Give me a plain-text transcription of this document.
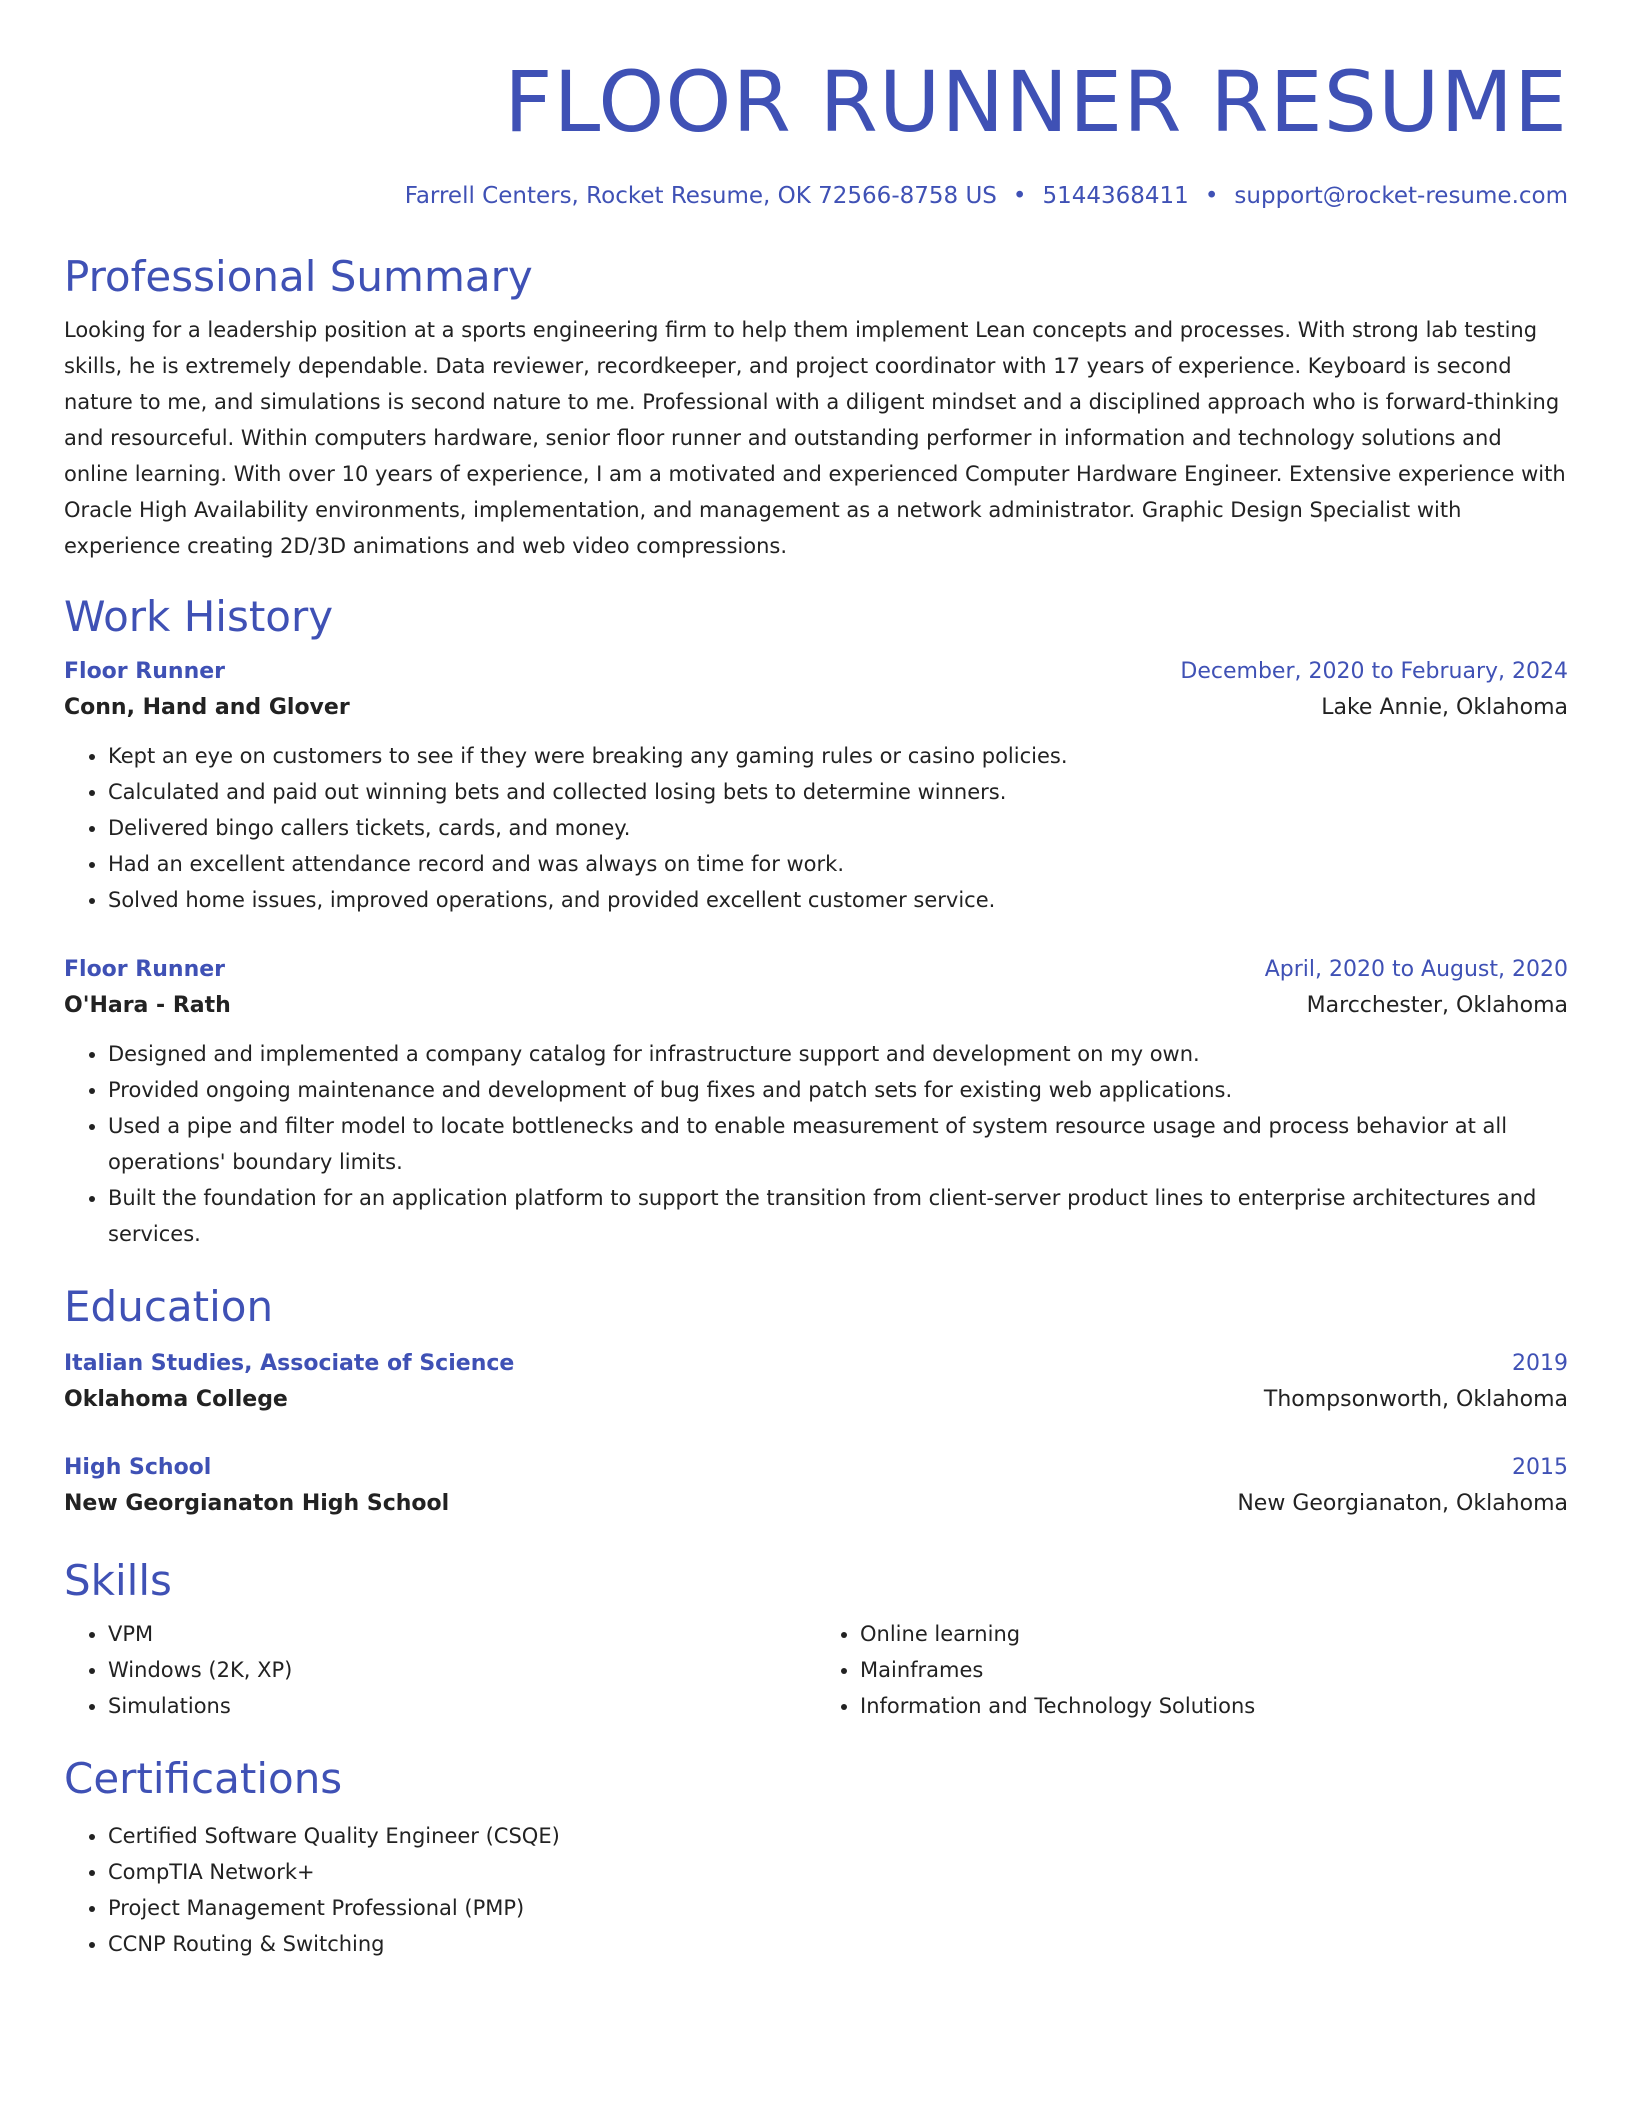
FLOOR RUNNER RESUME
Farrell Centers, Rocket Resume, OK 72566-8758 US • 5144368411 • support@rocket-resume.com
Professional Summary
Looking for a leadership position at a sports engineering firm to help them implement Lean concepts and processes. With strong lab testing skills, he is extremely dependable. Data reviewer, recordkeeper, and project coordinator with 17 years of experience. Keyboard is second nature to me, and simulations is second nature to me. Professional with a diligent mindset and a disciplined approach who is forward-thinking and resourceful. Within computers hardware, senior floor runner and outstanding performer in information and technology solutions and online learning. With over 10 years of experience, I am a motivated and experienced Computer Hardware Engineer. Extensive experience with Oracle High Availability environments, implementation, and management as a network administrator. Graphic Design Specialist with experience creating 2D/3D animations and web video compressions.
Work History
Floor Runner	December, 2020 to February, 2024
Conn, Hand and Glover	Lake Annie, Oklahoma
• Kept an eye on customers to see if they were breaking any gaming rules or casino policies.
• Calculated and paid out winning bets and collected losing bets to determine winners.
• Delivered bingo callers tickets, cards, and money.
• Had an excellent attendance record and was always on time for work.
• Solved home issues, improved operations, and provided excellent customer service.
Floor Runner	April, 2020 to August, 2020
O'Hara - Rath	Marcchester, Oklahoma
• Designed and implemented a company catalog for infrastructure support and development on my own.
• Provided ongoing maintenance and development of bug fixes and patch sets for existing web applications.
• Used a pipe and filter model to locate bottlenecks and to enable measurement of system resource usage and process behavior at all operations' boundary limits.
• Built the foundation for an application platform to support the transition from client-server product lines to enterprise architectures and services.
Education
Italian Studies, Associate of Science	2019
Oklahoma College	Thompsonworth, Oklahoma
High School	2015
New Georgianaton High School	New Georgianaton, Oklahoma
Skills
• VPM
• Windows (2K, XP)
• Simulations
• Online learning
• Mainframes
• Information and Technology Solutions
Certifications
• Certified Software Quality Engineer (CSQE)
• CompTIA Network+
• Project Management Professional (PMP)
• CCNP Routing & Switching
